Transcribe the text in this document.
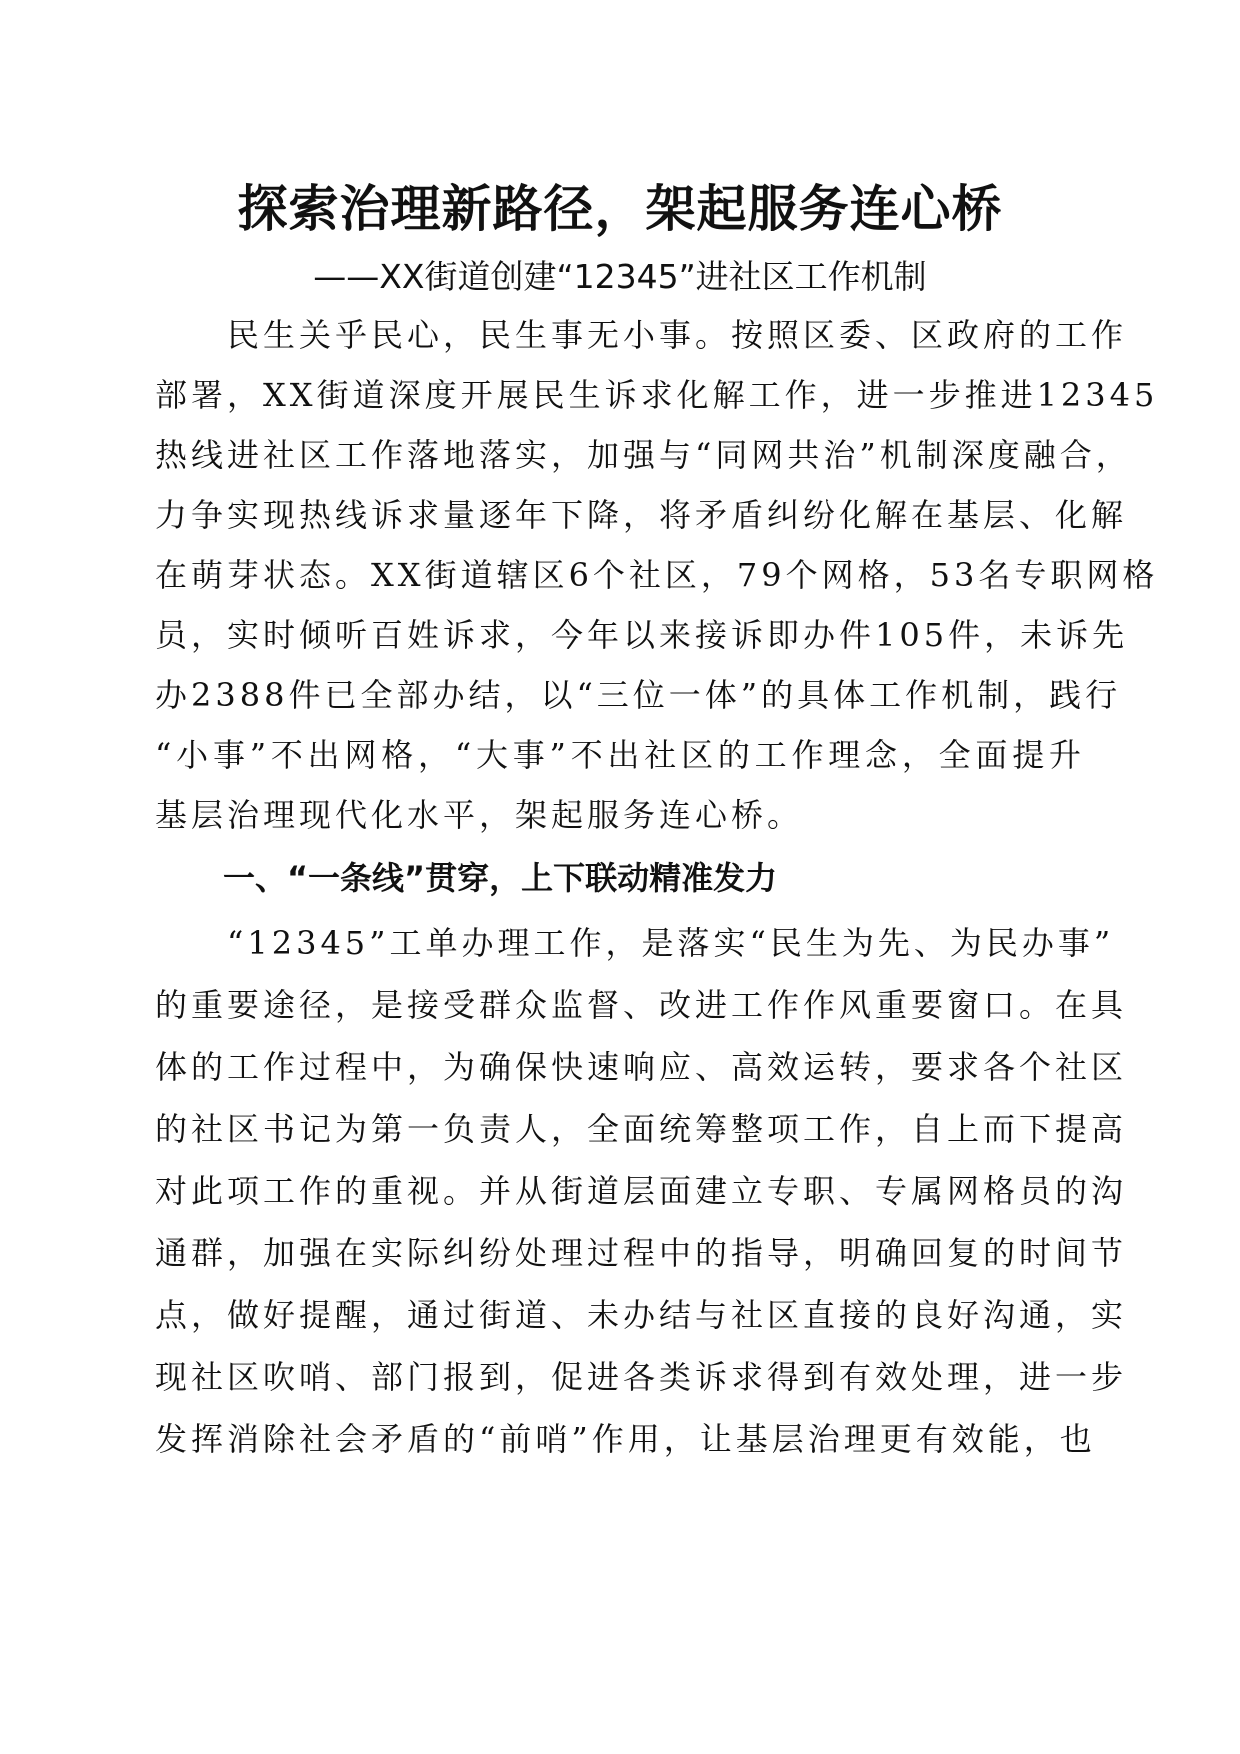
探索治理新路径，架起服务连心桥
——XX街道创建“12345”进社区工作机制
　　民生关乎民心，民生事无小事。按照区委、区政府的工作
部署，XX街道深度开展民生诉求化解工作，进一步推进12345
热线进社区工作落地落实，加强与“同网共治”机制深度融合，
力争实现热线诉求量逐年下降，将矛盾纠纷化解在基层、化解
在萌芽状态。XX街道辖区6个社区，79个网格，53名专职网格
员，实时倾听百姓诉求，今年以来接诉即办件105件，未诉先
办2388件已全部办结，以“三位一体”的具体工作机制，践行
“小事”不出网格，“大事”不出社区的工作理念，全面提升
基层治理现代化水平，架起服务连心桥。
一、“一条线”贯穿，上下联动精准发力
　　“12345”工单办理工作，是落实“民生为先、为民办事”
的重要途径，是接受群众监督、改进工作作风重要窗口。在具
体的工作过程中，为确保快速响应、高效运转，要求各个社区
的社区书记为第一负责人，全面统筹整项工作，自上而下提高
对此项工作的重视。并从街道层面建立专职、专属网格员的沟
通群，加强在实际纠纷处理过程中的指导，明确回复的时间节
点，做好提醒，通过街道、未办结与社区直接的良好沟通，实
现社区吹哨、部门报到，促进各类诉求得到有效处理，进一步
发挥消除社会矛盾的“前哨”作用，让基层治理更有效能，也
